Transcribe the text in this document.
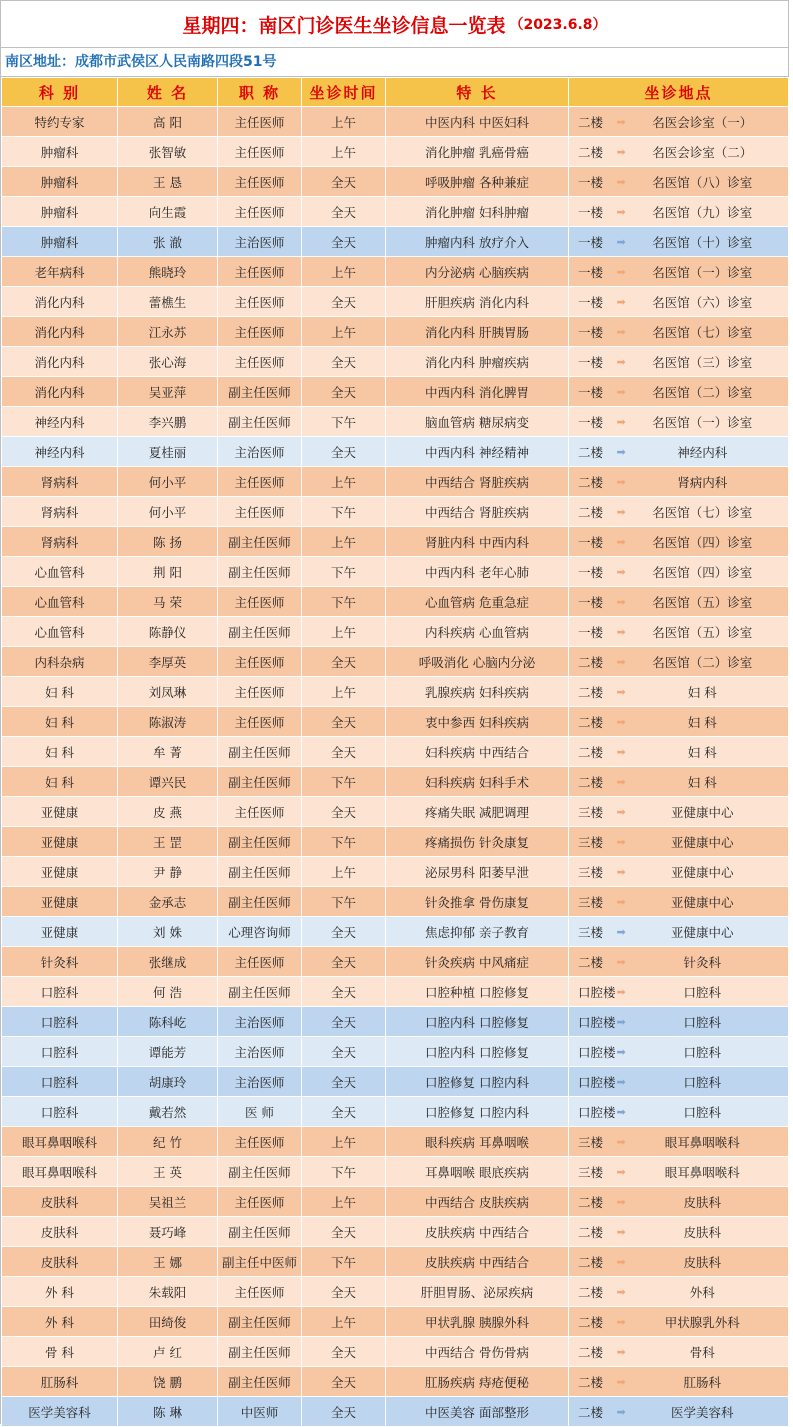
星期四：南区门诊医生坐诊信息一览表 （2023.6.8）
南区地址：成都市武侯区人民南路四段51号
科 别	姓 名	职 称	坐诊时间	特 长	坐诊地点	
特约专家	高 阳	主任医师	上午	中医内科 中医妇科	二楼	➡ 名医会诊室（一）
肿瘤科	张智敏	主任医师	上午	消化肿瘤 乳癌骨癌	二楼	➡ 名医会诊室（二）
肿瘤科	王 恳	主任医师	全天	呼吸肿瘤 各种兼症	一楼	➡ 名医馆（八）诊室
肿瘤科	向生霞	主任医师	全天	消化肿瘤 妇科肿瘤	一楼	➡ 名医馆（九）诊室
肿瘤科	张 澈	主治医师	全天	肿瘤内科 放疗介入	一楼	➡ 名医馆（十）诊室
老年病科	熊晓玲	主任医师	上午	内分泌病 心脑疾病	一楼	➡ 名医馆（一）诊室
消化内科	蕾樵生	主任医师	全天	肝胆疾病 消化内科	一楼	➡ 名医馆（六）诊室
消化内科	江永苏	主任医师	上午	消化内科 肝胰胃肠	一楼	➡ 名医馆（七）诊室
消化内科	张心海	主任医师	全天	消化内科 肿瘤疾病	一楼	➡ 名医馆（三）诊室
消化内科	吴亚萍	副主任医师	全天	中西内科 消化脾胃	一楼	➡ 名医馆（二）诊室
神经内科	李兴鹏	副主任医师	下午	脑血管病 糖尿病变	一楼	➡ 名医馆（一）诊室
神经内科	夏桂丽	主治医师	全天	中西内科 神经精神	二楼	➡ 神经内科
肾病科	何小平	主任医师	上午	中西结合 肾脏疾病	二楼	➡ 肾病内科
肾病科	何小平	主任医师	下午	中西结合 肾脏疾病	二楼	➡ 名医馆（七）诊室
肾病科	陈 扬	副主任医师	上午	肾脏内科 中西内科	一楼	➡ 名医馆（四）诊室
心血管科	荆 阳	副主任医师	下午	中西内科 老年心肺	一楼	➡ 名医馆（四）诊室
心血管科	马 荣	主任医师	下午	心血管病 危重急症	一楼	➡ 名医馆（五）诊室
心血管科	陈静仪	副主任医师	上午	内科疾病 心血管病	一楼	➡ 名医馆（五）诊室
内科杂病	李厚英	主任医师	全天	呼吸消化 心脑内分泌	二楼	➡ 名医馆（二）诊室
妇 科	刘凤琳	主任医师	上午	乳腺疾病 妇科疾病	二楼	➡ 妇 科
妇 科	陈淑涛	主任医师	全天	衷中参西 妇科疾病	二楼	➡ 妇 科
妇 科	牟 菁	副主任医师	全天	妇科疾病 中西结合	二楼	➡ 妇 科
妇 科	谭兴民	副主任医师	下午	妇科疾病 妇科手术	二楼	➡ 妇 科
亚健康	皮 燕	主任医师	全天	疼痛失眠 减肥调理	三楼	➡ 亚健康中心
亚健康	王 罡	副主任医师	下午	疼痛损伤 针灸康复	三楼	➡ 亚健康中心
亚健康	尹 静	副主任医师	上午	泌尿男科 阳萎早泄	三楼	➡ 亚健康中心
亚健康	金承志	副主任医师	下午	针灸推拿 骨伤康复	三楼	➡ 亚健康中心
亚健康	刘 姝	心理咨询师	全天	焦虑抑郁 亲子教育	三楼	➡ 亚健康中心
针灸科	张继成	主任医师	全天	针灸疾病 中风痛症	二楼	➡ 针灸科
口腔科	何 浩	副主任医师	全天	口腔种植 口腔修复	口腔楼	➡ 口腔科
口腔科	陈科屹	主治医师	全天	口腔内科 口腔修复	口腔楼	➡ 口腔科
口腔科	谭能芳	主治医师	全天	口腔内科 口腔修复	口腔楼	➡ 口腔科
口腔科	胡康玲	主治医师	全天	口腔修复 口腔内科	口腔楼	➡ 口腔科
口腔科	戴若然	医 师	全天	口腔修复 口腔内科	口腔楼	➡ 口腔科
眼耳鼻咽喉科	纪 竹	主任医师	上午	眼科疾病 耳鼻咽喉	三楼	➡ 眼耳鼻咽喉科
眼耳鼻咽喉科	王 英	副主任医师	下午	耳鼻咽喉 眼底疾病	三楼	➡ 眼耳鼻咽喉科
皮肤科	吴祖兰	主任医师	上午	中西结合 皮肤疾病	二楼	➡ 皮肤科
皮肤科	聂巧峰	副主任医师	全天	皮肤疾病 中西结合	二楼	➡ 皮肤科
皮肤科	王 娜	副主任中医师	下午	皮肤疾病 中西结合	二楼	➡ 皮肤科
外 科	朱载阳	主任医师	全天	肝胆胃肠、泌尿疾病	二楼	➡ 外科
外 科	田绮俊	副主任医师	上午	甲状乳腺 胰腺外科	二楼	➡ 甲状腺乳外科
骨 科	卢 红	副主任医师	全天	中西结合 骨伤骨病	二楼	➡ 骨科
肛肠科	饶 鹏	副主任医师	全天	肛肠疾病 痔疮便秘	二楼	➡ 肛肠科
医学美容科	陈 琳	中医师	全天	中医美容 面部整形	二楼	➡ 医学美容科
